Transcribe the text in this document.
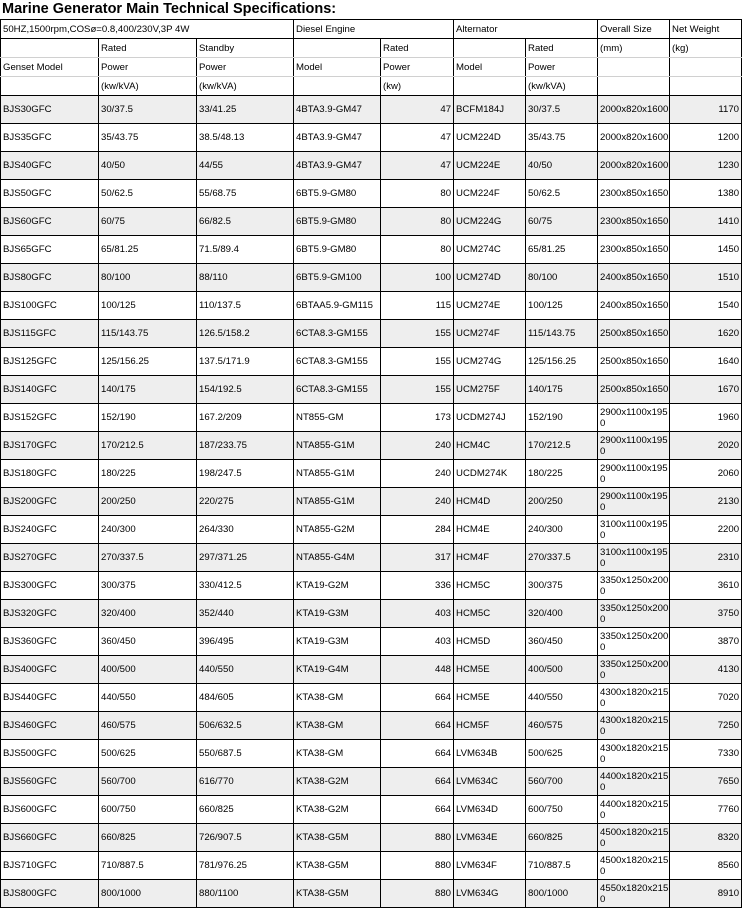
Marine Generator Main Technical Specifications:
50HZ,1500rpm,COSø=0.8,400/230V,3P 4W			Diesel Engine		Alternator		Overall Size	Net Weight
	Rated	Standby		Rated		Rated	(mm)	(kg)
Genset Model	Power	Power	Model	Power	Model	Power		
	(kw/kVA)	(kw/kVA)		(kw)		(kw/kVA)		
BJS30GFC	30/37.5	33/41.25	4BTA3.9-GM47	47	BCFM184J	30/37.5	2000x820x1600	1170
BJS35GFC	35/43.75	38.5/48.13	4BTA3.9-GM47	47	UCM224D	35/43.75	2000x820x1600	1200
BJS40GFC	40/50	44/55	4BTA3.9-GM47	47	UCM224E	40/50	2000x820x1600	1230
BJS50GFC	50/62.5	55/68.75	6BT5.9-GM80	80	UCM224F	50/62.5	2300x850x1650	1380
BJS60GFC	60/75	66/82.5	6BT5.9-GM80	80	UCM224G	60/75	2300x850x1650	1410
BJS65GFC	65/81.25	71.5/89.4	6BT5.9-GM80	80	UCM274C	65/81.25	2300x850x1650	1450
BJS80GFC	80/100	88/110	6BT5.9-GM100	100	UCM274D	80/100	2400x850x1650	1510
BJS100GFC	100/125	110/137.5	6BTAA5.9-GM115	115	UCM274E	100/125	2400x850x1650	1540
BJS115GFC	115/143.75	126.5/158.2	6CTA8.3-GM155	155	UCM274F	115/143.75	2500x850x1650	1620
BJS125GFC	125/156.25	137.5/171.9	6CTA8.3-GM155	155	UCM274G	125/156.25	2500x850x1650	1640
BJS140GFC	140/175	154/192.5	6CTA8.3-GM155	155	UCM275F	140/175	2500x850x1650	1670
BJS152GFC	152/190	167.2/209	NT855-GM	173	UCDM274J	152/190	2900x1100x1950	1960
BJS170GFC	170/212.5	187/233.75	NTA855-G1M	240	HCM4C	170/212.5	2900x1100x1950	2020
BJS180GFC	180/225	198/247.5	NTA855-G1M	240	UCDM274K	180/225	2900x1100x1950	2060
BJS200GFC	200/250	220/275	NTA855-G1M	240	HCM4D	200/250	2900x1100x1950	2130
BJS240GFC	240/300	264/330	NTA855-G2M	284	HCM4E	240/300	3100x1100x1950	2200
BJS270GFC	270/337.5	297/371.25	NTA855-G4M	317	HCM4F	270/337.5	3100x1100x1950	2310
BJS300GFC	300/375	330/412.5	KTA19-G2M	336	HCM5C	300/375	3350x1250x2000	3610
BJS320GFC	320/400	352/440	KTA19-G3M	403	HCM5C	320/400	3350x1250x2000	3750
BJS360GFC	360/450	396/495	KTA19-G3M	403	HCM5D	360/450	3350x1250x2000	3870
BJS400GFC	400/500	440/550	KTA19-G4M	448	HCM5E	400/500	3350x1250x2000	4130
BJS440GFC	440/550	484/605	KTA38-GM	664	HCM5E	440/550	4300x1820x2150	7020
BJS460GFC	460/575	506/632.5	KTA38-GM	664	HCM5F	460/575	4300x1820x2150	7250
BJS500GFC	500/625	550/687.5	KTA38-GM	664	LVM634B	500/625	4300x1820x2150	7330
BJS560GFC	560/700	616/770	KTA38-G2M	664	LVM634C	560/700	4400x1820x2150	7650
BJS600GFC	600/750	660/825	KTA38-G2M	664	LVM634D	600/750	4400x1820x2150	7760
BJS660GFC	660/825	726/907.5	KTA38-G5M	880	LVM634E	660/825	4500x1820x2150	8320
BJS710GFC	710/887.5	781/976.25	KTA38-G5M	880	LVM634F	710/887.5	4500x1820x2150	8560
BJS800GFC	800/1000	880/1100	KTA38-G5M	880	LVM634G	800/1000	4550x1820x2150	8910
